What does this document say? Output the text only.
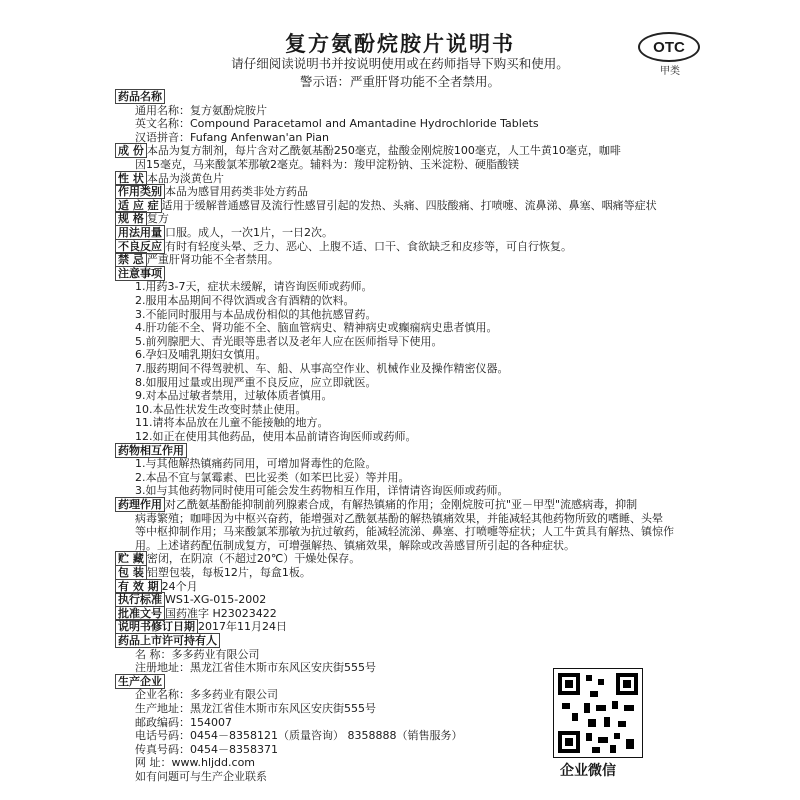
复方氨酚烷胺片说明书
请仔细阅读说明书并按说明使用或在药师指导下购买和使用。
警示语：严重肝肾功能不全者禁用。
OTC
甲类
药品名称
通用名称：复方氨酚烷胺片
英文名称：Compound Paracetamol and Amantadine Hydrochloride Tablets
汉语拼音：Fufang Anfenwan'an Pian
成 份 本品为复方制剂，每片含对乙酰氨基酚250毫克，盐酸金刚烷胺100毫克，人工牛黄10毫克，咖啡
因15毫克，马来酸氯苯那敏2毫克。辅料为：羧甲淀粉钠、玉米淀粉、硬脂酸镁
性 状 本品为淡黄色片
作用类别 本品为感冒用药类非处方药品
适 应 症 适用于缓解普通感冒及流行性感冒引起的发热、头痛、四肢酸痛、打喷嚏、流鼻涕、鼻塞、咽痛等症状
规 格 复方
用法用量 口服。成人，一次1片，一日2次。
不良反应 有时有轻度头晕、乏力、恶心、上腹不适、口干、食欲缺乏和皮疹等，可自行恢复。
禁 忌 严重肝肾功能不全者禁用。
注意事项
1.用药3-7天，症状未缓解，请咨询医师或药师。
2.服用本品期间不得饮酒或含有酒精的饮料。
3.不能同时服用与本品成份相似的其他抗感冒药。
4.肝功能不全、肾功能不全、脑血管病史、精神病史或癫痫病史患者慎用。
5.前列腺肥大、青光眼等患者以及老年人应在医师指导下使用。
6.孕妇及哺乳期妇女慎用。
7.服药期间不得驾驶机、车、船、从事高空作业、机械作业及操作精密仪器。
8.如服用过量或出现严重不良反应，应立即就医。
9.对本品过敏者禁用，过敏体质者慎用。
10.本品性状发生改变时禁止使用。
11.请将本品放在儿童不能接触的地方。
12.如正在使用其他药品，使用本品前请咨询医师或药师。
药物相互作用
1.与其他解热镇痛药同用，可增加肾毒性的危险。
2.本品不宜与氯霉素、巴比妥类（如苯巴比妥）等并用。
3.如与其他药物同时使用可能会发生药物相互作用，详情请咨询医师或药师。
药理作用 对乙酰氨基酚能抑制前列腺素合成，有解热镇痛的作用；金刚烷胺可抗"亚－甲型"流感病毒，抑制
病毒繁殖；咖啡因为中枢兴奋药，能增强对乙酰氨基酚的解热镇痛效果，并能减轻其他药物所致的嗜睡、头晕
等中枢抑制作用；马来酸氯苯那敏为抗过敏药，能减轻流涕、鼻塞、打喷嚏等症状；人工牛黄具有解热、镇惊作
用。上述诸药配伍制成复方，可增强解热、镇痛效果，解除或改善感冒所引起的各种症状。
贮 藏 密闭，在阴凉（不超过20℃）干燥处保存。
包 装 铝塑包装，每板12片，每盒1板。
有 效 期 24个月
执行标准 WS1-XG-015-2002
批准文号 国药准字 H23023422
说明书修订日期 2017年11月24日
药品上市许可持有人
名 称：多多药业有限公司
注册地址：黑龙江省佳木斯市东风区安庆街555号
生产企业
企业名称：多多药业有限公司
生产地址：黑龙江省佳木斯市东风区安庆街555号
邮政编码：154007
电话号码：0454－8358121（质量咨询） 8358888（销售服务）
传真号码：0454－8358371
网 址：www.hljdd.com
如有问题可与生产企业联系	企业微信
